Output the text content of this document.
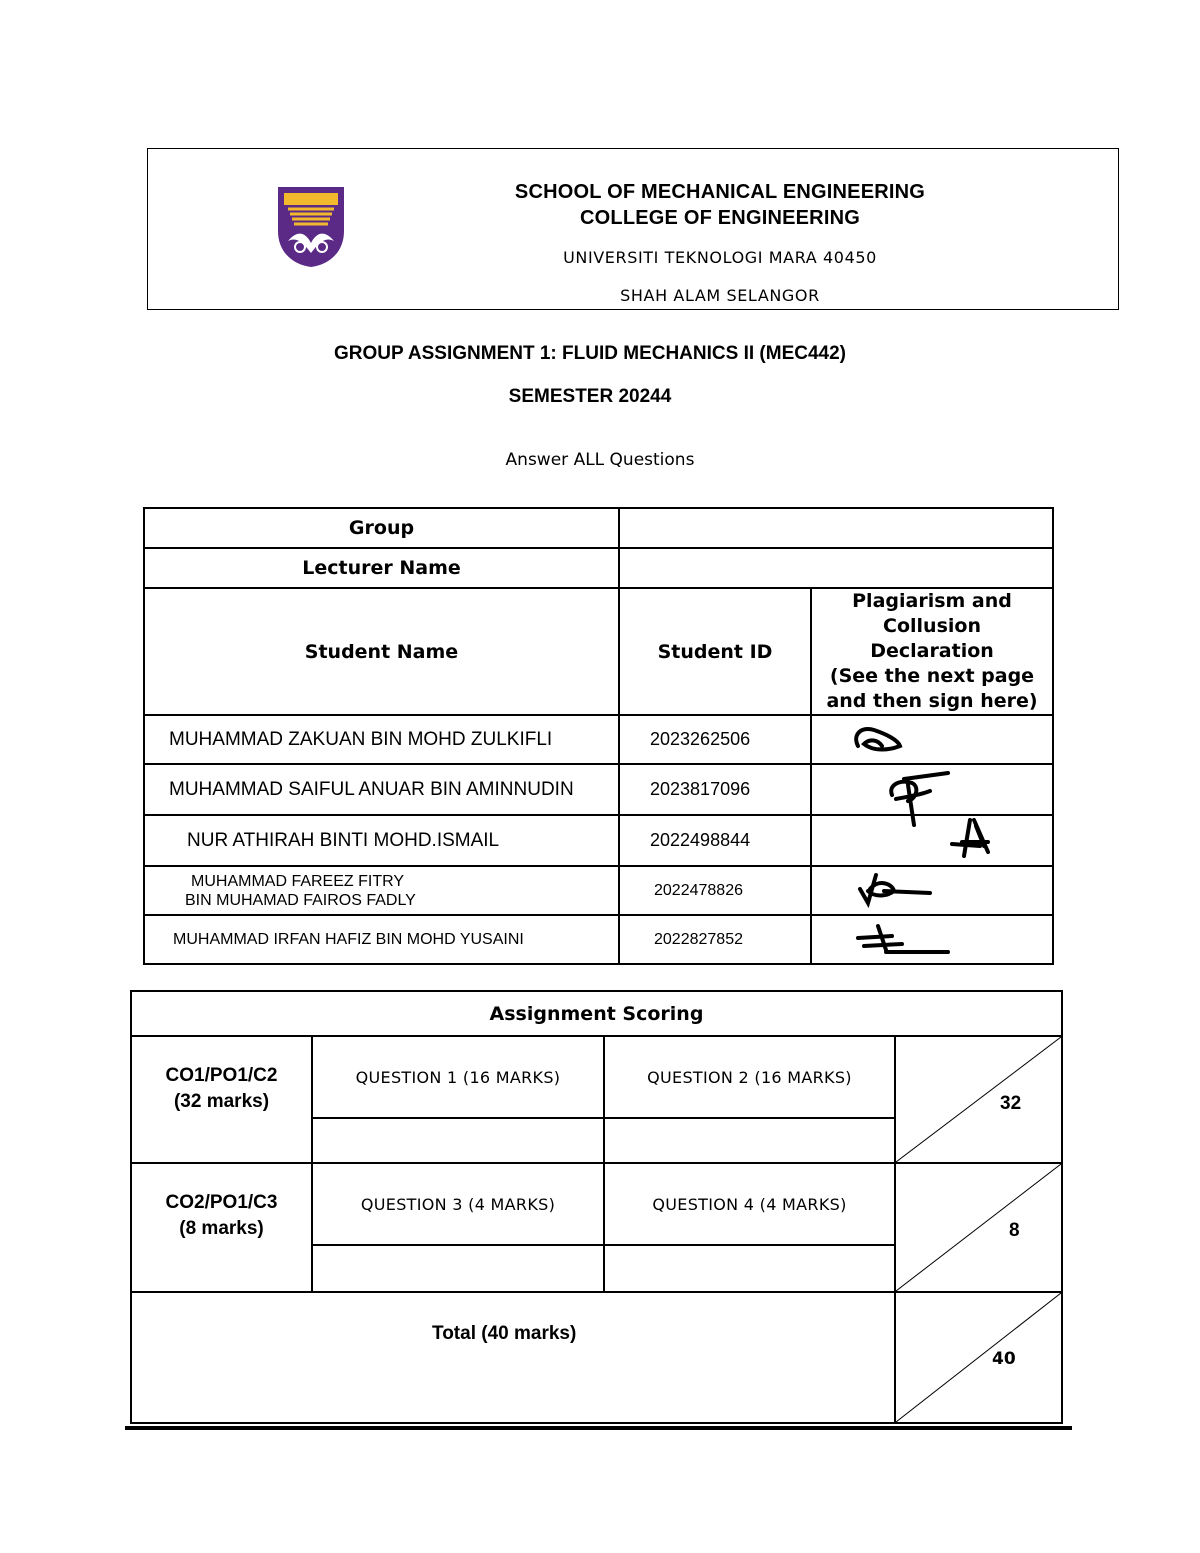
SCHOOL OF MECHANICAL ENGINEERING
COLLEGE OF ENGINEERING
UNIVERSITI TEKNOLOGI MARA 40450
SHAH ALAM SELANGOR
GROUP ASSIGNMENT 1: FLUID MECHANICS II (MEC442)
SEMESTER 20244
Answer ALL Questions
Group		
Lecturer Name		
Student Name	Student ID	Plagiarism and
Collusion
Declaration
(See the next page
and then sign here)

MUHAMMAD ZAKUAN BIN MOHD ZULKIFLI	2023262506	
MUHAMMAD SAIFUL ANUAR BIN AMINNUDIN	2023817096	
NUR ATHIRAH BINTI MOHD.ISMAIL	2022498844	

MUHAMMAD FAREEZ FITRY
BIN MUHAMAD FAIROS FADLY	2022478826	
MUHAMMAD IRFAN HAFIZ BIN MOHD YUSAINI	2022827852	
Assignment Scoring			

CO1/PO1/C2
(32 marks)	QUESTION 1 (16 MARKS)	QUESTION 2 (16 MARKS)	32

CO2/PO1/C3
(8 marks)	QUESTION 3 (4 MARKS)	QUESTION 4 (4 MARKS)	8

Total (40 marks)			40
